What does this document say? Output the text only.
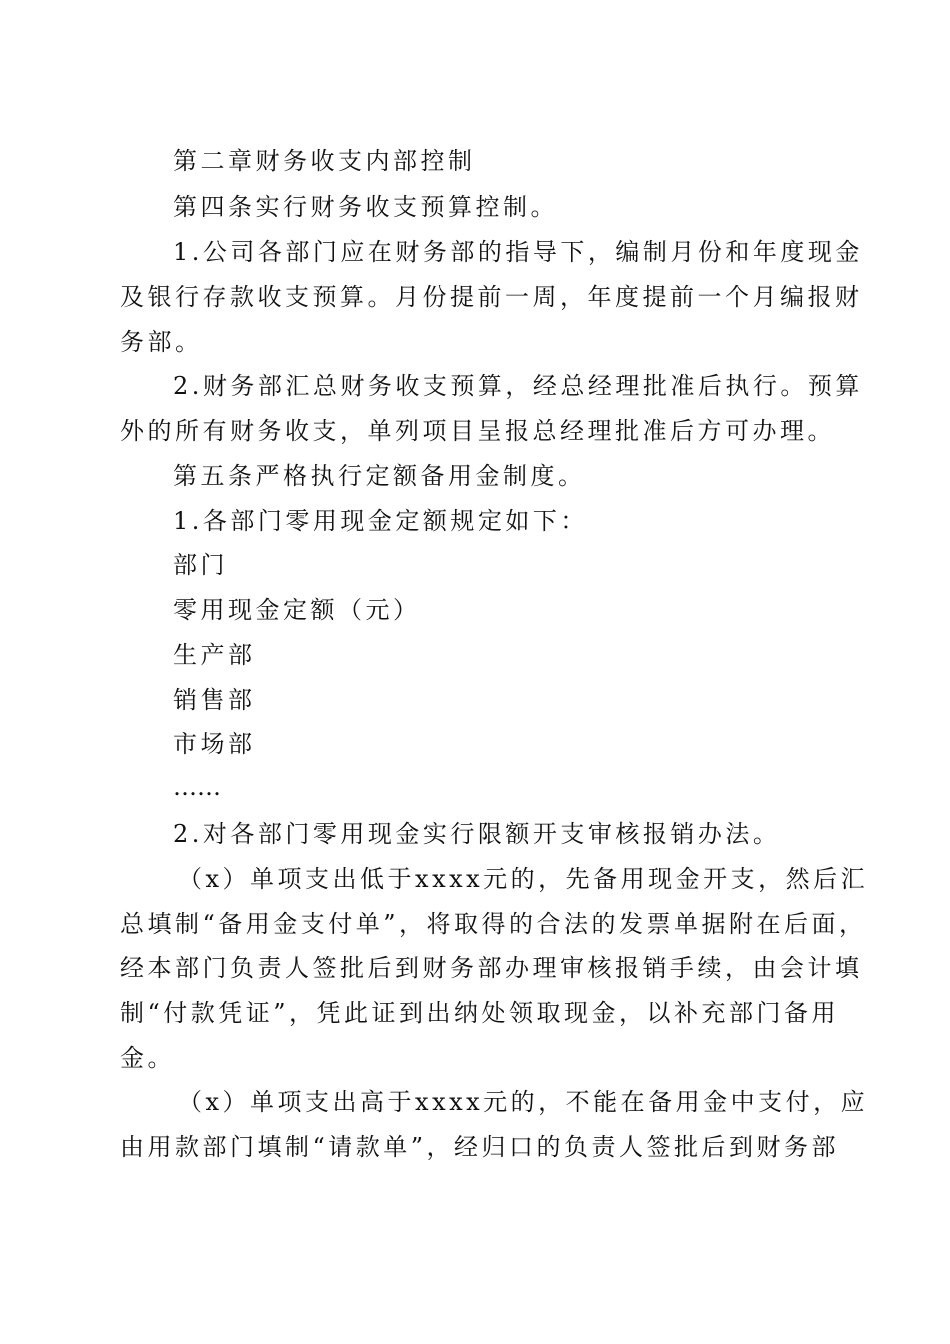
第二章财务收支内部控制
第四条实行财务收支预算控制。
1.公司各部门应在财务部的指导下，编制月份和年度现金
及银行存款收支预算。月份提前一周，年度提前一个月编报财
务部。
2.财务部汇总财务收支预算，经总经理批准后执行。预算
外的所有财务收支，单列项目呈报总经理批准后方可办理。
第五条严格执行定额备用金制度。
1.各部门零用现金定额规定如下：
部门
零用现金定额（元）
生产部
销售部
市场部
……
2.对各部门零用现金实行限额开支审核报销办法。
（x）单项支出低于xxxx元的，先备用现金开支，然后汇
总填制“备用金支付单”，将取得的合法的发票单据附在后面，
经本部门负责人签批后到财务部办理审核报销手续，由会计填
制“付款凭证”，凭此证到出纳处领取现金，以补充部门备用
金。
（x）单项支出高于xxxx元的，不能在备用金中支付，应
由用款部门填制“请款单”，经归口的负责人签批后到财务部
